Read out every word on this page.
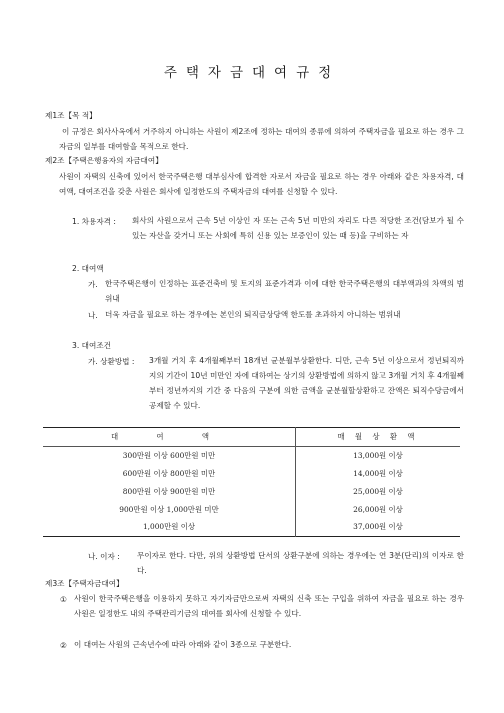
주택자금대여규정
제1조【목 적】
이 규정은 회사사옥에서 거주하지 아니하는 사원이 제2조에 정하는 대여의 종류에 의하여 주택자금을 필요로 하는 경우 그 자금의 일부를 대여함을 목적으로 한다.
제2조【주택은행융자의 자금대여】
사원이 자택의 신축에 있어서 한국주택은행 대부심사에 합격한 자로서 자금을 필요로 하는 경우 아래와 같은 차용자격, 대여액, 대여조건을 갖춘 사원은 회사에 일정한도의 주택자금의 대여를 신청할 수 있다.
1. 차용자격 : 회사의 사원으로서 근속 5년 이상인 자 또는 근속 5년 미만의 자리도 다른 적당한 조건(담보가 될 수 있는 자산을 갖거니 또는 사회에 특히 신용 있는 보증인이 있는 때 등)을 구비하는 자
2. 대여액
가. 한국주택은행이 인정하는 표준건축비 및 토지의 표준가격과 이에 대한 한국주택은행의 대부액과의 차액의 범위내
나. 더욱 자금을 필요로 하는 경우에는 본인의 퇴직금상당액 한도를 초과하지 아니하는 범위내
3. 대여조건
가. 상환방법 : 3개월 거치 후 4개월째부터 18개년 균분월부상환한다. 디만, 근속 5년 이상으로서 정년퇴직까지의 기간이 10년 미만인 자에 대하여는 상기의 상환방법에 의하지 않고 3개월 거치 후 4개월째부터 정년까지의 기간 중 다음의 구분에 의한 금액을 균분월할상환하고 잔액은 퇴직수당금에서 공제할 수 있다.
대 여 액	매 월 상 환 액
300만원 이상 600만원 미만	13,000원 이상
600만원 이상 800만원 미만	14,000원 이상
800만원 이상 900만원 미만	25,000원 이상
900만원 이상 1,000만원 미만	26,000원 이상
1,000만원 이상	37,000원 이상
나. 이자 : 무이자로 한다. 다만, 위의 상환방법 단서의 상환구분에 의하는 경우에는 연 3분(단리)의 이자로 한다.
제3조【주택자금대여】
① 사원이 한국주택은행을 이용하지 못하고 자기자금만으로써 자택의 신축 또는 구입을 위하여 자금을 필요로 하는 경우 사원은 일정한도 내의 주택관리기금의 대여를 회사에 신청할 수 있다.
② 이 대여는 사원의 근속년수에 따라 아래와 같이 3종으로 구분한다.
